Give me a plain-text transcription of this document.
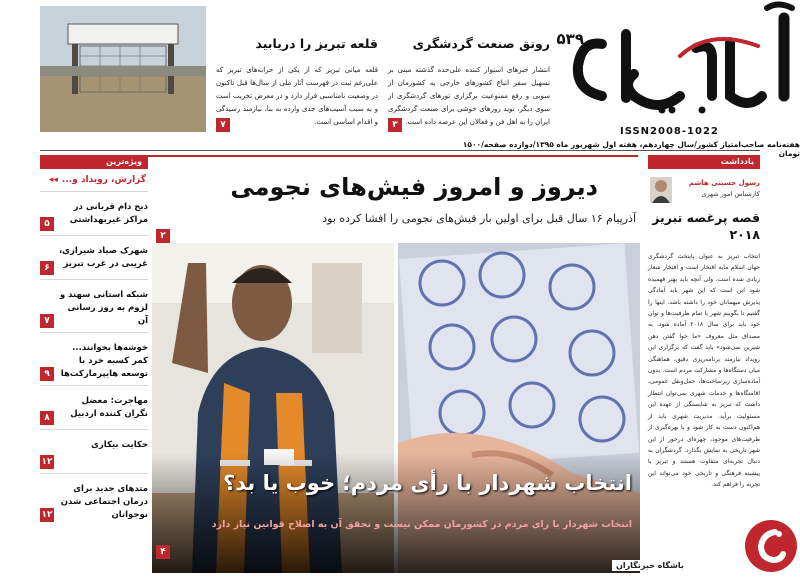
۵۳۹
ISSN2008-1022
هفته‌نامه صاحب‌امتیاز کشور/سال چهاردهم، هفته اول شهریور ماه ۱۳۹۵/دوازده صفحه/۱۵۰۰ تومان
رونق صنعت گردشگری
انتشار خبرهای استوار کننده علی‌حده گذشته مبنی بر تسهیل سفر اتباع کشورهای خارجی به کشورمان از سویی و رفع ممنوعیت برگزاری تورهای گردشگری از سوی دیگر، نوید روزهای خوشی برای صنعت گردشگری ایران را به اهل فن و فعالان این عرصه داده است.
۳
قلعه تبریز را دریابید
قلعه میانی تبریز که از یکی از خرابه‌های تبریز که علی‌رغم ثبت در فهرست آثار ملی از سال‌ها قبل تاکنون در وضعیت نامناسبی قرار دارد و در معرض تخریب است و به سبب آسیب‌های جدی وارده به بنا، نیازمند رسیدگی و اقدام اساسی است.
۷
ویژه‌ترین
گزارش، رویداد و...
◂◂
ذبح دام قربانی در مراکز غیربهداشتی
۵
شهرک صیاد شیرازی، غریبی در غرب تبریز
۶
شبکه استانی سهند و لزوم به روز رسانی آن
۷
خوشه‌ها بخوانند... کمر کسبه خرد با توسعه هایپرمارکت‌ها
۹
مهاجرت: معضل نگران کننده اردبیل
۸
حکایت بیکاری
۱۲
متدهای جدید برای درمان اجتماعی شدن نوجوانان
۱۲
دیروز و امروز فیش‌های نجومی
آذرپیام ۱۶ سال قبل برای اولین بار فیش‌های نجومی را افشا کرده بود
۲
انتخاب شهردار با رأی مردم؛ خوب یا بد؟
انتخاب شهردار با رای مردم در کشورمان ممکن نیست و تحقق آن به اصلاح قوانین نیاز دارد
۴
یادداشت
رسول حسینی هاشم
کارشناس امور شهری
قصه پرغصه تبریز ۲۰۱۸
انتخاب تبریز به عنوان پایتخت گردشگری جهان اسلام مایه افتخار است و افتخار شعار زیادی شده است. ولی آنچه باید بهتر فهمیده شود این است که این شهر باید آمادگی پذیرش میهمانان خود را داشته باشد. اینها را گفتیم تا بگوییم شهر با تمام ظرفیت‌ها و توان خود باید برای سال ۲۰۱۸ آماده شود. به مصداق مثل معروف «ما خوا گفتن دهن شیرین نمی‌شود» باید گفت که برگزاری این رویداد نیازمند برنامه‌ریزی دقیق، هماهنگی میان دستگاه‌ها و مشارکت مردم است. بدون آماده‌سازی زیرساخت‌ها، حمل‌ونقل عمومی، اقامتگاه‌ها و خدمات شهری نمی‌توان انتظار داشت که تبریز به شایستگی از عهده این مسئولیت برآید. مدیریت شهری باید از هم‌اکنون دست به کار شود و با بهره‌گیری از ظرفیت‌های موجود، چهره‌ای درخور از این شهر تاریخی به نمایش بگذارد. گردشگران به دنبال تجربه‌ای متفاوت هستند و تبریز با پیشینه فرهنگی و تاریخی خود می‌تواند این تجربه را فراهم کند.
باشگاه خبرنگاران
